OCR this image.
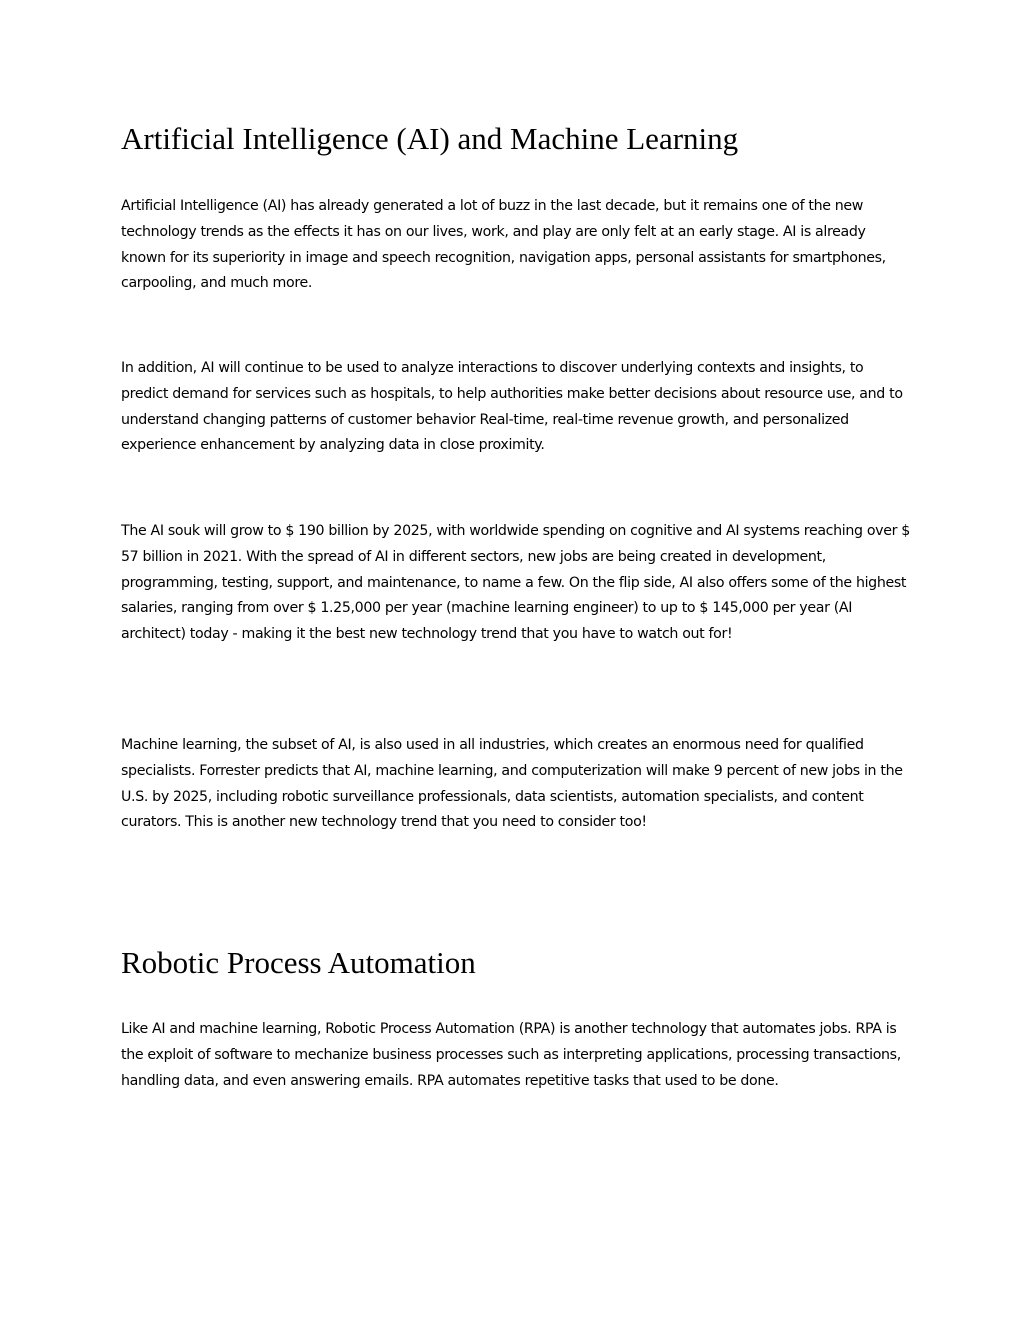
Artificial Intelligence (AI) and Machine Learning

Artificial Intelligence (AI) has already generated a lot of buzz in the last decade, but it remains one of the new technology trends as the effects it has on our lives, work, and play are only felt at an early stage. AI is already known for its superiority in image and speech recognition, navigation apps, personal assistants for smartphones, carpooling, and much more.

In addition, AI will continue to be used to analyze interactions to discover underlying contexts and insights, to predict demand for services such as hospitals, to help authorities make better decisions about resource use, and to understand changing patterns of customer behavior Real-time, real-time revenue growth, and personalized experience enhancement by analyzing data in close proximity.

The AI souk will grow to $ 190 billion by 2025, with worldwide spending on cognitive and AI systems reaching over $ 57 billion in 2021. With the spread of AI in different sectors, new jobs are being created in development, programming, testing, support, and maintenance, to name a few. On the flip side, AI also offers some of the highest salaries, ranging from over $ 1.25,000 per year (machine learning engineer) to up to $ 145,000 per year (AI architect) today - making it the best new technology trend that you have to watch out for!

Machine learning, the subset of AI, is also used in all industries, which creates an enormous need for qualified specialists. Forrester predicts that AI, machine learning, and computerization will make 9 percent of new jobs in the U.S. by 2025, including robotic surveillance professionals, data scientists, automation specialists, and content curators. This is another new technology trend that you need to consider too!

Robotic Process Automation

Like AI and machine learning, Robotic Process Automation (RPA) is another technology that automates jobs. RPA is the exploit of software to mechanize business processes such as interpreting applications, processing transactions, handling data, and even answering emails. RPA automates repetitive tasks that used to be done.
